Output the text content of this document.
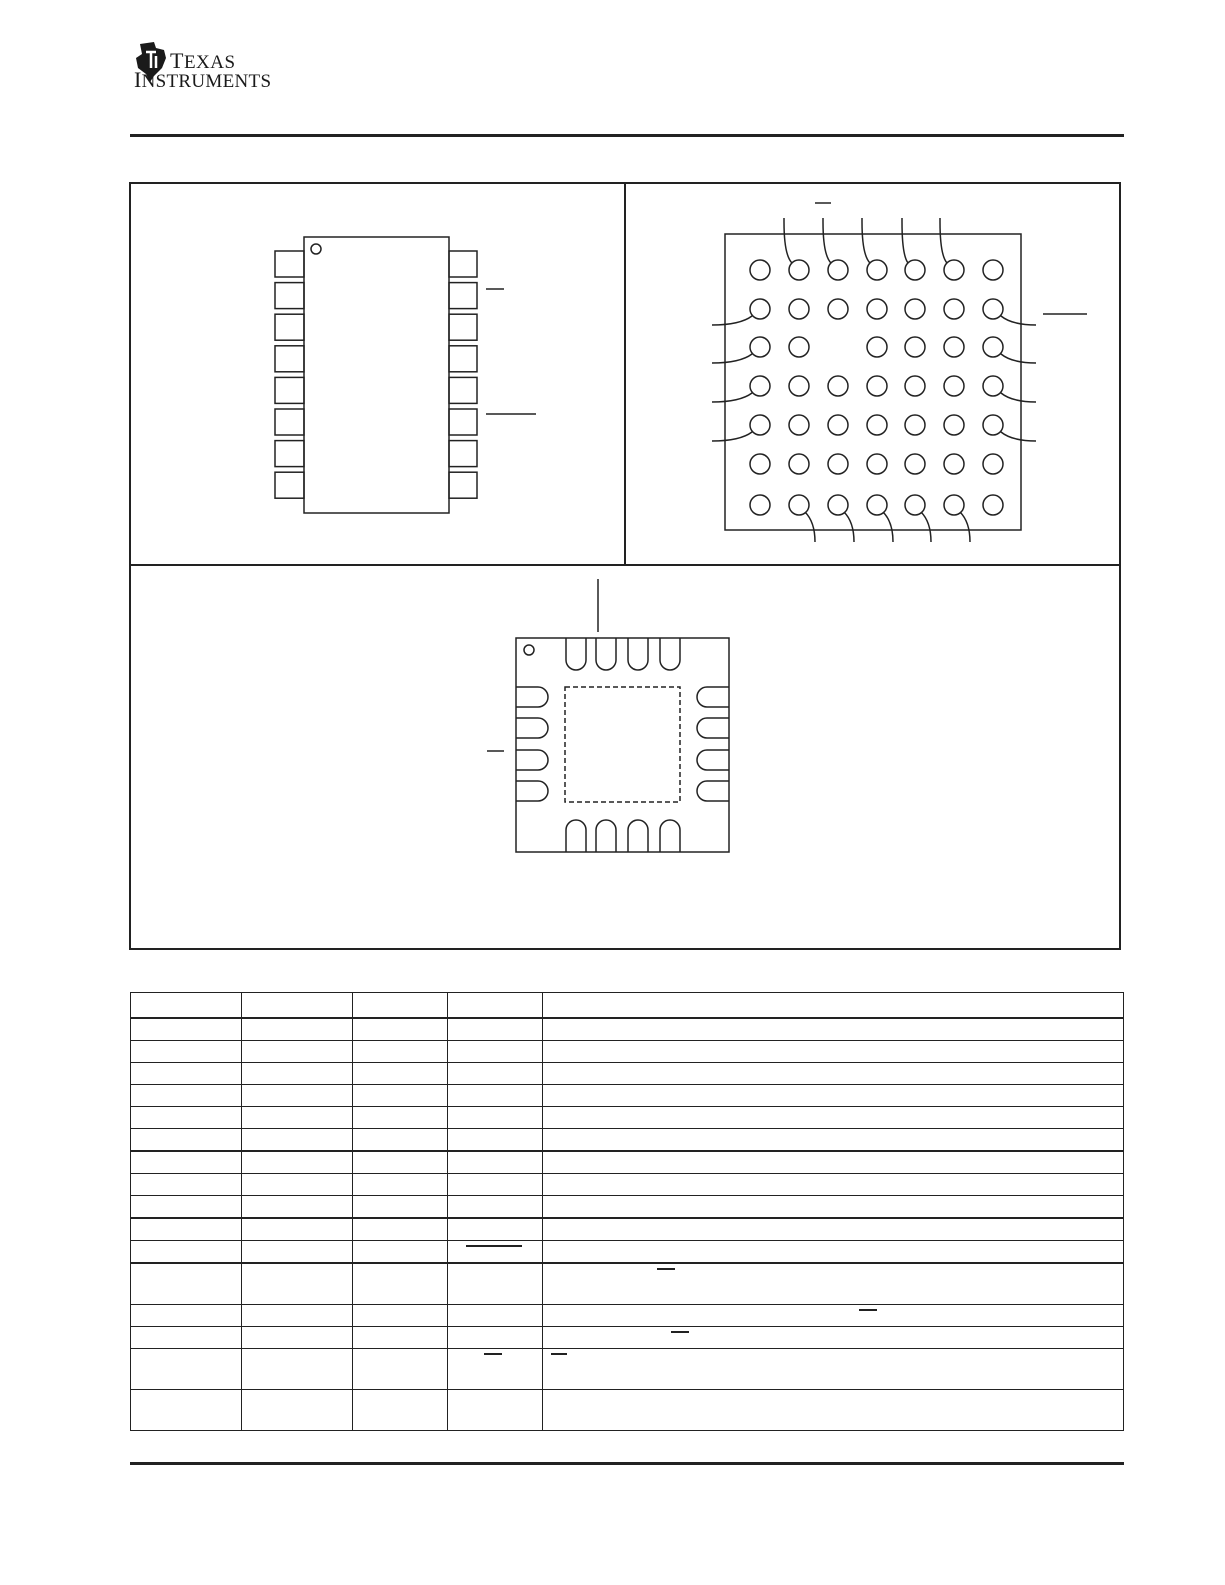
TEXAS
INSTRUMENTS
